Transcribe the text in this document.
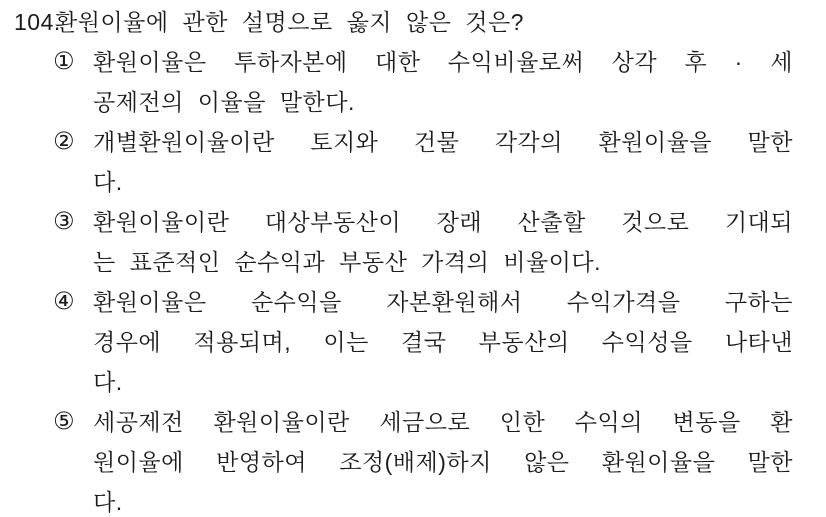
104.
환원이율에 관한 설명으로 옳지 않은 것은?
① 환원이율은 투하자본에 대한 수익비율로써 상각 후 · 세
공제전의 이율을 말한다.
② 개별환원이율이란 토지와 건물 각각의 환원이율을 말한
다.
③ 환원이율이란 대상부동산이 장래 산출할 것으로 기대되
는 표준적인 순수익과 부동산 가격의 비율이다.
④ 환원이율은 순수익을 자본환원해서 수익가격을 구하는
경우에 적용되며, 이는 결국 부동산의 수익성을 나타낸
다.
⑤ 세공제전 환원이율이란 세금으로 인한 수익의 변동을 환
원이율에 반영하여 조정(배제)하지 않은 환원이율을 말한
다.
